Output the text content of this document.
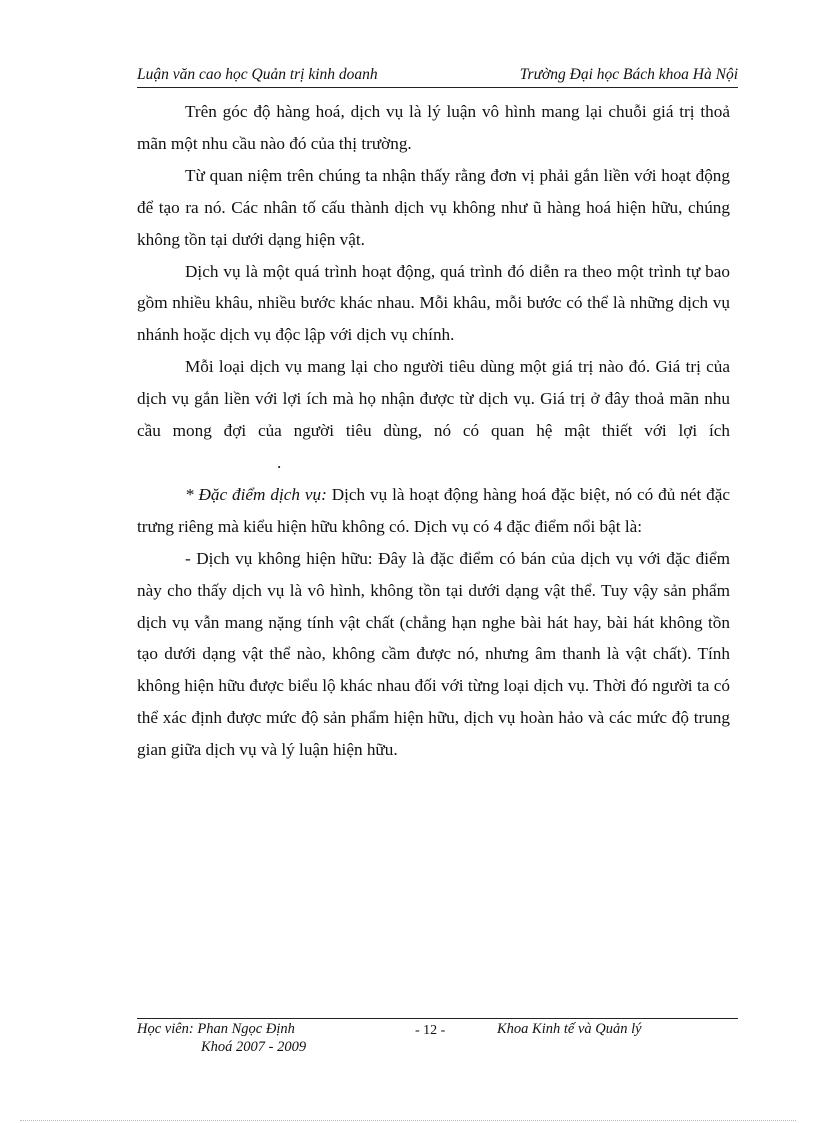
Luận văn cao học Quản trị kinh doanh	Trường Đại học Bách khoa Hà Nội

Trên góc độ hàng hoá, dịch vụ là lý luận vô hình mang lại chuỗi giá trị thoả mãn một nhu cầu nào đó của thị trường.

Từ quan niệm trên chúng ta nhận thấy rằng đơn vị phải gắn liền với hoạt động để tạo ra nó. Các nhân tố cấu thành dịch vụ không như ũ hàng hoá hiện hữu, chúng không tồn tại dưới dạng hiện vật.

Dịch vụ là một quá trình hoạt động, quá trình đó diễn ra theo một trình tự bao gồm nhiều khâu, nhiều bước khác nhau. Mỗi khâu, mỗi bước có thể là những dịch vụ nhánh hoặc dịch vụ độc lập với dịch vụ chính.

Mỗi loại dịch vụ mang lại cho người tiêu dùng một giá trị nào đó. Giá trị của dịch vụ gắn liền với lợi ích mà họ nhận được từ dịch vụ. Giá trị ở đây thoả mãn nhu cầu mong đợi của người tiêu dùng, nó có quan hệ mật thiết với lợi ích.

* Đặc điểm dịch vụ: Dịch vụ là hoạt động hàng hoá đặc biệt, nó có đủ nét đặc trưng riêng mà kiểu hiện hữu không có. Dịch vụ có 4 đặc điểm nổi bật là:

- Dịch vụ không hiện hữu: Đây là đặc điểm có bán của dịch vụ với đặc điểm này cho thấy dịch vụ là vô hình, không tồn tại dưới dạng vật thể. Tuy vậy sản phẩm dịch vụ vẫn mang nặng tính vật chất (chẳng hạn nghe bài hát hay, bài hát không tồn tạo dưới dạng vật thể nào, không cầm được nó, nhưng âm thanh là vật chất). Tính không hiện hữu được biểu lộ khác nhau đối với từng loại dịch vụ. Thời đó người ta có thể xác định được mức độ sản phẩm hiện hữu, dịch vụ hoàn hảo và các mức độ trung gian giữa dịch vụ và lý luận hiện hữu.

Học viên: Phan Ngọc Định	- 12 -	Khoa Kinh tế và Quản lý
Khoá 2007 - 2009
